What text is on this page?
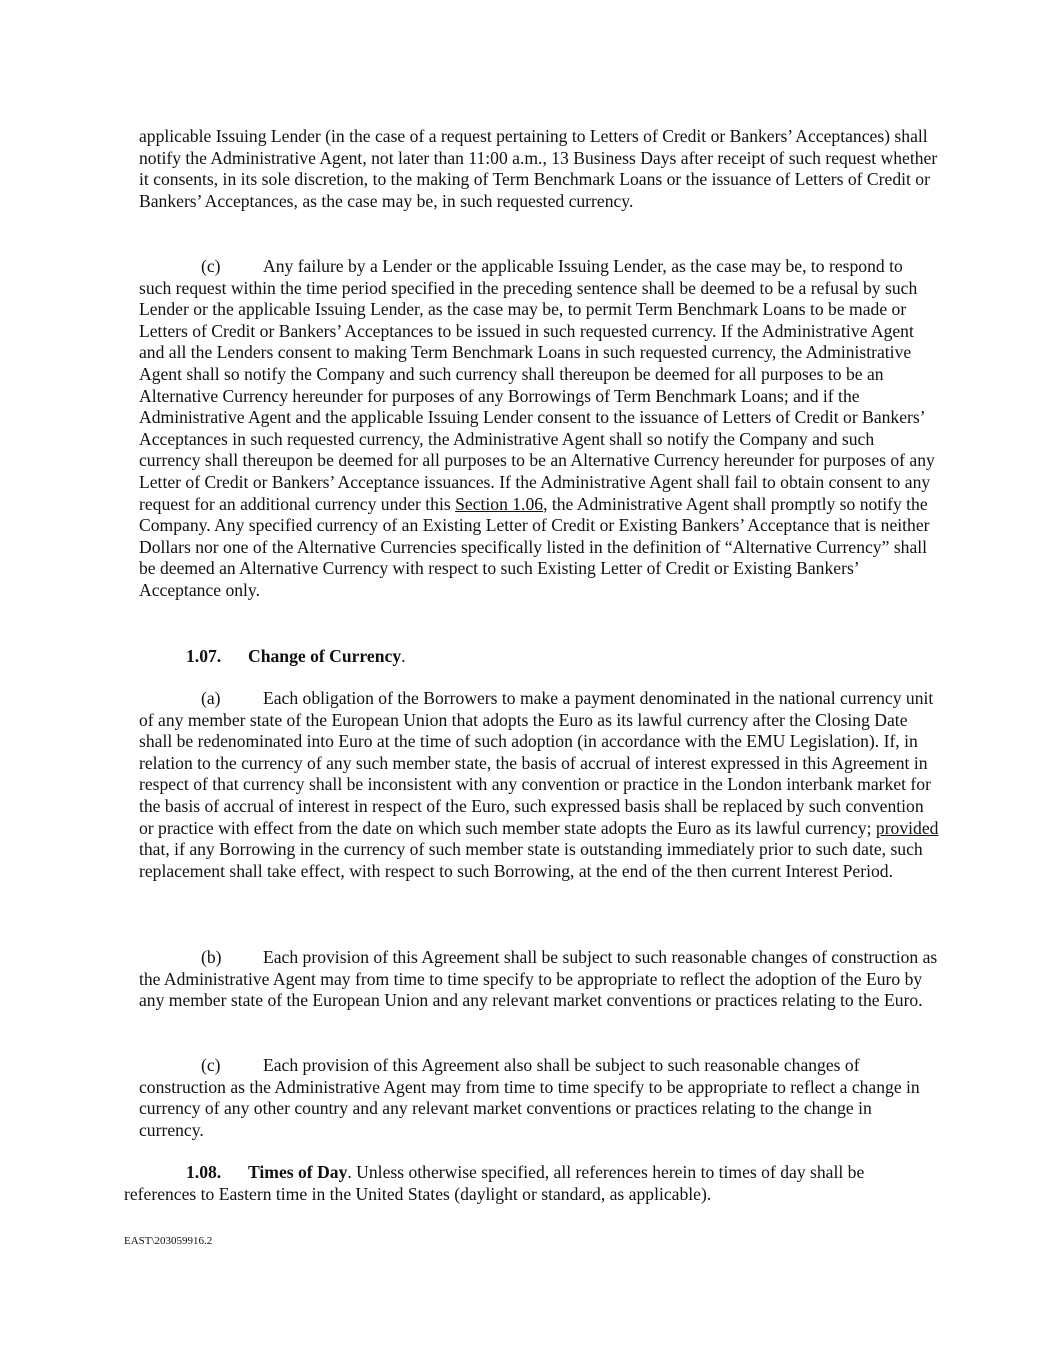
applicable Issuing Lender (in the case of a request pertaining to Letters of Credit or Bankers’ Acceptances) shall notify the Administrative Agent, not later than 11:00 a.m., 13 Business Days after receipt of such request whether it consents, in its sole discretion, to the making of Term Benchmark Loans or the issuance of Letters of Credit or Bankers’ Acceptances, as the case may be, in such requested currency.

(c) Any failure by a Lender or the applicable Issuing Lender, as the case may be, to respond to such request within the time period specified in the preceding sentence shall be deemed to be a refusal by such Lender or the applicable Issuing Lender, as the case may be, to permit Term Benchmark Loans to be made or Letters of Credit or Bankers’ Acceptances to be issued in such requested currency. If the Administrative Agent and all the Lenders consent to making Term Benchmark Loans in such requested currency, the Administrative Agent shall so notify the Company and such currency shall thereupon be deemed for all purposes to be an Alternative Currency hereunder for purposes of any Borrowings of Term Benchmark Loans; and if the Administrative Agent and the applicable Issuing Lender consent to the issuance of Letters of Credit or Bankers’ Acceptances in such requested currency, the Administrative Agent shall so notify the Company and such currency shall thereupon be deemed for all purposes to be an Alternative Currency hereunder for purposes of any Letter of Credit or Bankers’ Acceptance issuances. If the Administrative Agent shall fail to obtain consent to any request for an additional currency under this Section 1.06, the Administrative Agent shall promptly so notify the Company. Any specified currency of an Existing Letter of Credit or Existing Bankers’ Acceptance that is neither Dollars nor one of the Alternative Currencies specifically listed in the definition of “Alternative Currency” shall be deemed an Alternative Currency with respect to such Existing Letter of Credit or Existing Bankers’ Acceptance only.

1.07. Change of Currency.

(a) Each obligation of the Borrowers to make a payment denominated in the national currency unit of any member state of the European Union that adopts the Euro as its lawful currency after the Closing Date shall be redenominated into Euro at the time of such adoption (in accordance with the EMU Legislation). If, in relation to the currency of any such member state, the basis of accrual of interest expressed in this Agreement in respect of that currency shall be inconsistent with any convention or practice in the London interbank market for the basis of accrual of interest in respect of the Euro, such expressed basis shall be replaced by such convention or practice with effect from the date on which such member state adopts the Euro as its lawful currency; provided that, if any Borrowing in the currency of such member state is outstanding immediately prior to such date, such replacement shall take effect, with respect to such Borrowing, at the end of the then current Interest Period.

(b) Each provision of this Agreement shall be subject to such reasonable changes of construction as the Administrative Agent may from time to time specify to be appropriate to reflect the adoption of the Euro by any member state of the European Union and any relevant market conventions or practices relating to the Euro.

(c) Each provision of this Agreement also shall be subject to such reasonable changes of construction as the Administrative Agent may from time to time specify to be appropriate to reflect a change in currency of any other country and any relevant market conventions or practices relating to the change in currency.

1.08. Times of Day. Unless otherwise specified, all references herein to times of day shall be references to Eastern time in the United States (daylight or standard, as applicable).

EAST\203059916.2
